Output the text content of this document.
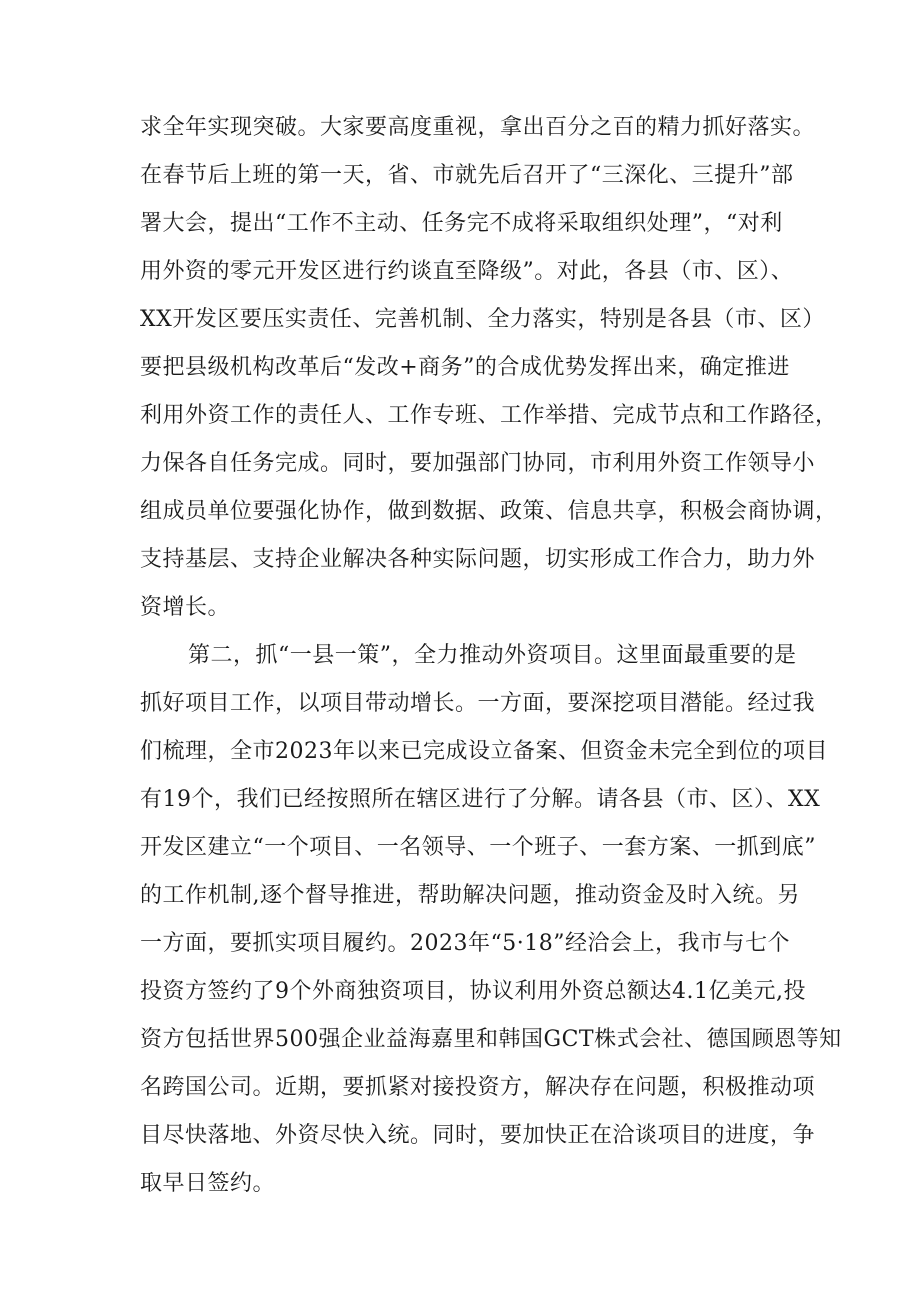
求全年实现突破。大家要高度重视，拿出百分之百的精力抓好落实。
在春节后上班的第一天，省、市就先后召开了“三深化、三提升”部
署大会，提出“工作不主动、任务完不成将采取组织处理”，“对利
用外资的零元开发区进行约谈直至降级”。对此，各县（市、区）、
XX开发区要压实责任、完善机制、全力落实，特别是各县（市、区）
要把县级机构改革后“发改+商务”的合成优势发挥出来，确定推进
利用外资工作的责任人、工作专班、工作举措、完成节点和工作路径，
力保各自任务完成。同时，要加强部门协同，市利用外资工作领导小
组成员单位要强化协作，做到数据、政策、信息共享，积极会商协调，
支持基层、支持企业解决各种实际问题，切实形成工作合力，助力外
资增长。
第二，抓“一县一策”，全力推动外资项目。这里面最重要的是
抓好项目工作，以项目带动增长。一方面，要深挖项目潜能。经过我
们梳理，全市2023年以来已完成设立备案、但资金未完全到位的项目
有19个，我们已经按照所在辖区进行了分解。请各县（市、区）、XX
开发区建立“一个项目、一名领导、一个班子、一套方案、一抓到底”
的工作机制,逐个督导推进，帮助解决问题，推动资金及时入统。另
一方面，要抓实项目履约。2023年“5·18”经洽会上，我市与七个
投资方签约了9个外商独资项目，协议利用外资总额达4.1亿美元,投
资方包括世界500强企业益海嘉里和韩国GCT株式会社、德国顾恩等知
名跨国公司。近期，要抓紧对接投资方，解决存在问题，积极推动项
目尽快落地、外资尽快入统。同时，要加快正在洽谈项目的进度，争
取早日签约。
